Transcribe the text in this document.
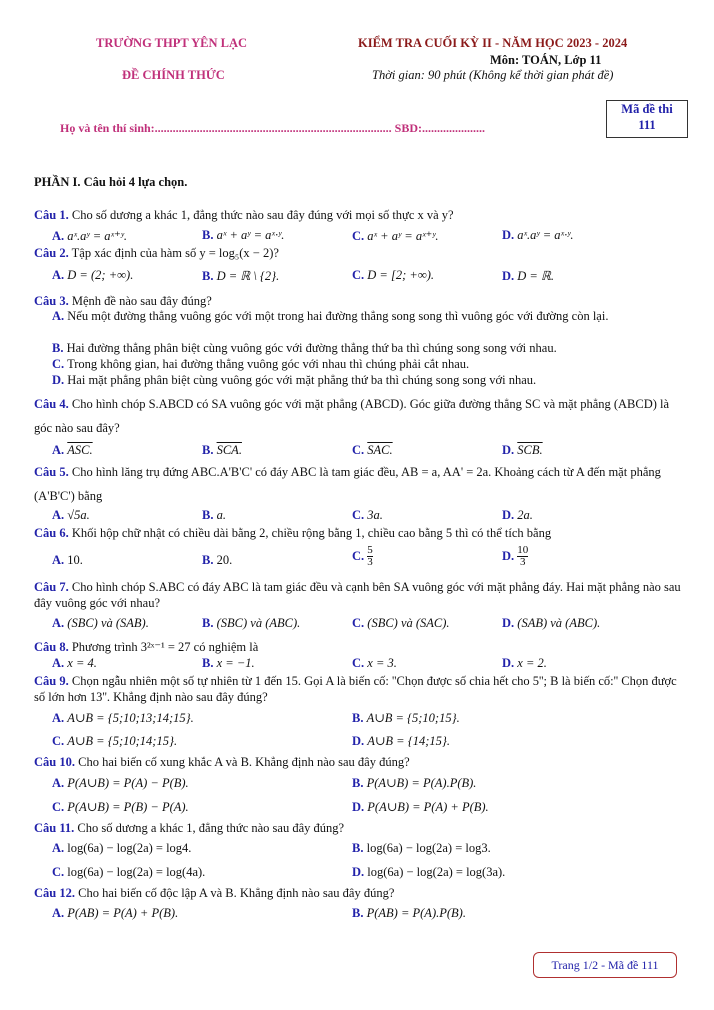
TRƯỜNG THPT YÊN LẠC	KIỂM TRA CUỐI KỲ II - NĂM HỌC 2023 - 2024
Môn: TOÁN, Lớp 11
ĐỀ CHÍNH THỨC	Thời gian: 90 phút (Không kể thời gian phát đề)
Họ và tên thí sinh:............................................................................... SBD:.....................
Mã đề thi
111
PHẦN I. Câu hỏi 4 lựa chọn.
Câu 1. Cho số dương a khác 1, đẳng thức nào sau đây đúng với mọi số thực x và y?
A. aˣ.aʸ = aˣ⁺ʸ.	B. aˣ + aʸ = aˣ·ʸ.	C. aˣ + aʸ = aˣ⁺ʸ.	D. aˣ.aʸ = aˣ·ʸ.
Câu 2. Tập xác định của hàm số y = log₅(x − 2)?
A. D = (2; +∞).	B. D = ℝ \ {2}.	C. D = [2; +∞).	D. D = ℝ.
Câu 3. Mệnh đề nào sau đây đúng?
A. Nếu một đường thẳng vuông góc với một trong hai đường thẳng song song thì vuông góc với đường còn lại.
B. Hai đường thẳng phân biệt cùng vuông góc với đường thẳng thứ ba thì chúng song song với nhau.
C. Trong không gian, hai đường thẳng vuông góc với nhau thì chúng phải cắt nhau.
D. Hai mặt phẳng phân biệt cùng vuông góc với mặt phẳng thứ ba thì chúng song song với nhau.
Câu 4. Cho hình chóp S.ABCD có SA vuông góc với mặt phẳng (ABCD). Góc giữa đường thẳng SC và mặt phẳng (ABCD) là góc nào sau đây?
A. ASC.	B. SCA.	C. SAC.	D. SCB.
Câu 5. Cho hình lăng trụ đứng ABC.A'B'C' có đáy ABC là tam giác đều, AB = a, AA' = 2a. Khoảng cách từ A đến mặt phẳng (A'B'C') bằng
A. √5a.	B. a.	C. 3a.	D. 2a.
Câu 6. Khối hộp chữ nhật có chiều dài bằng 2, chiều rộng bằng 1, chiều cao bằng 5 thì có thể tích bằng
A. 10.	B. 20.	C. $\frac{5}{3}$	D. $\frac{10}{3}$
Câu 7. Cho hình chóp S.ABC có đáy ABC là tam giác đều và cạnh bên SA vuông góc với mặt phẳng đáy. Hai mặt phẳng nào sau đây vuông góc với nhau?
A. (SBC) và (SAB).	B. (SBC) và (ABC).	C. (SBC) và (SAC).	D. (SAB) và (ABC).
Câu 8. Phương trình 3²ˣ⁻¹ = 27 có nghiệm là
A. x = 4.	B. x = −1.	C. x = 3.	D. x = 2.
Câu 9. Chọn ngẫu nhiên một số tự nhiên từ 1 đến 15. Gọi A là biến cố: ''Chọn được số chia hết cho 5''; B là biến cố:'' Chọn được số lớn hơn 13''. Khẳng định nào sau đây đúng?
A. A∪B = {5;10;13;14;15}.	B. A∪B = {5;10;15}.
C. A∪B = {5;10;14;15}.	D. A∪B = {14;15}.
Câu 10. Cho hai biến cố xung khắc A và B. Khẳng định nào sau đây đúng?
A. P(A∪B) = P(A) − P(B).	B. P(A∪B) = P(A).P(B).
C. P(A∪B) = P(B) − P(A).	D. P(A∪B) = P(A) + P(B).
Câu 11. Cho số dương a khác 1, đẳng thức nào sau đây đúng?
A. log(6a) − log(2a) = log4.	B. log(6a) − log(2a) = log3.
C. log(6a) − log(2a) = log(4a).	D. log(6a) − log(2a) = log(3a).
Câu 12. Cho hai biến cố độc lập A và B. Khẳng định nào sau đây đúng?
A. P(AB) = P(A) + P(B).	B. P(AB) = P(A).P(B).
Trang 1/2 - Mã đề 111
